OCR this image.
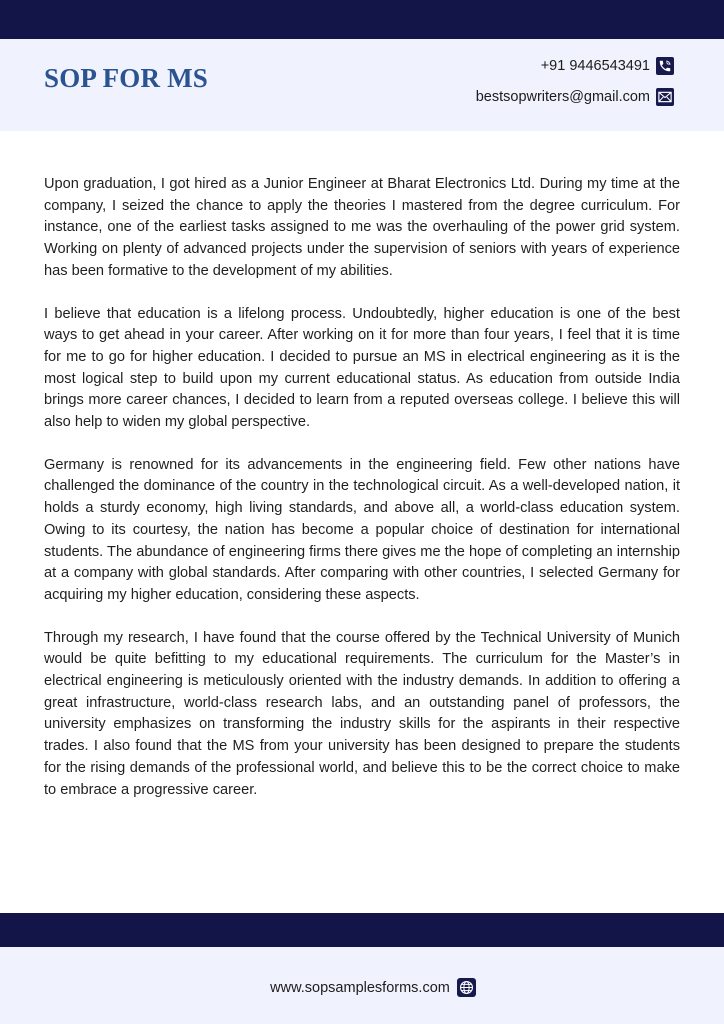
SOP FOR MS	+91 9446543491
bestsopwriters@gmail.com

Upon graduation, I got hired as a Junior Engineer at Bharat Electronics Ltd. During my time at the company, I seized the chance to apply the theories I mastered from the degree curriculum. For instance, one of the earliest tasks assigned to me was the overhauling of the power grid system. Working on plenty of advanced projects under the supervision of seniors with years of experience has been formative to the development of my abilities.

I believe that education is a lifelong process. Undoubtedly, higher education is one of the best ways to get ahead in your career. After working on it for more than four years, I feel that it is time for me to go for higher education. I decided to pursue an MS in electrical engineering as it is the most logical step to build upon my current educational status. As education from outside India brings more career chances, I decided to learn from a reputed overseas college. I believe this will also help to widen my global perspective.

Germany is renowned for its advancements in the engineering field. Few other nations have challenged the dominance of the country in the technological circuit. As a well-developed nation, it holds a sturdy economy, high living standards, and above all, a world-class education system. Owing to its courtesy, the nation has become a popular choice of destination for international students. The abundance of engineering firms there gives me the hope of completing an internship at a company with global standards. After comparing with other countries, I selected Germany for acquiring my higher education, considering these aspects.

Through my research, I have found that the course offered by the Technical University of Munich would be quite befitting to my educational requirements. The curriculum for the Master’s in electrical engineering is meticulously oriented with the industry demands. In addition to offering a great infrastructure, world-class research labs, and an outstanding panel of professors, the university emphasizes on transforming the industry skills for the aspirants in their respective trades. I also found that the MS from your university has been designed to prepare the students for the rising demands of the professional world, and believe this to be the correct choice to make to embrace a progressive career.

www.sopsamplesforms.com
